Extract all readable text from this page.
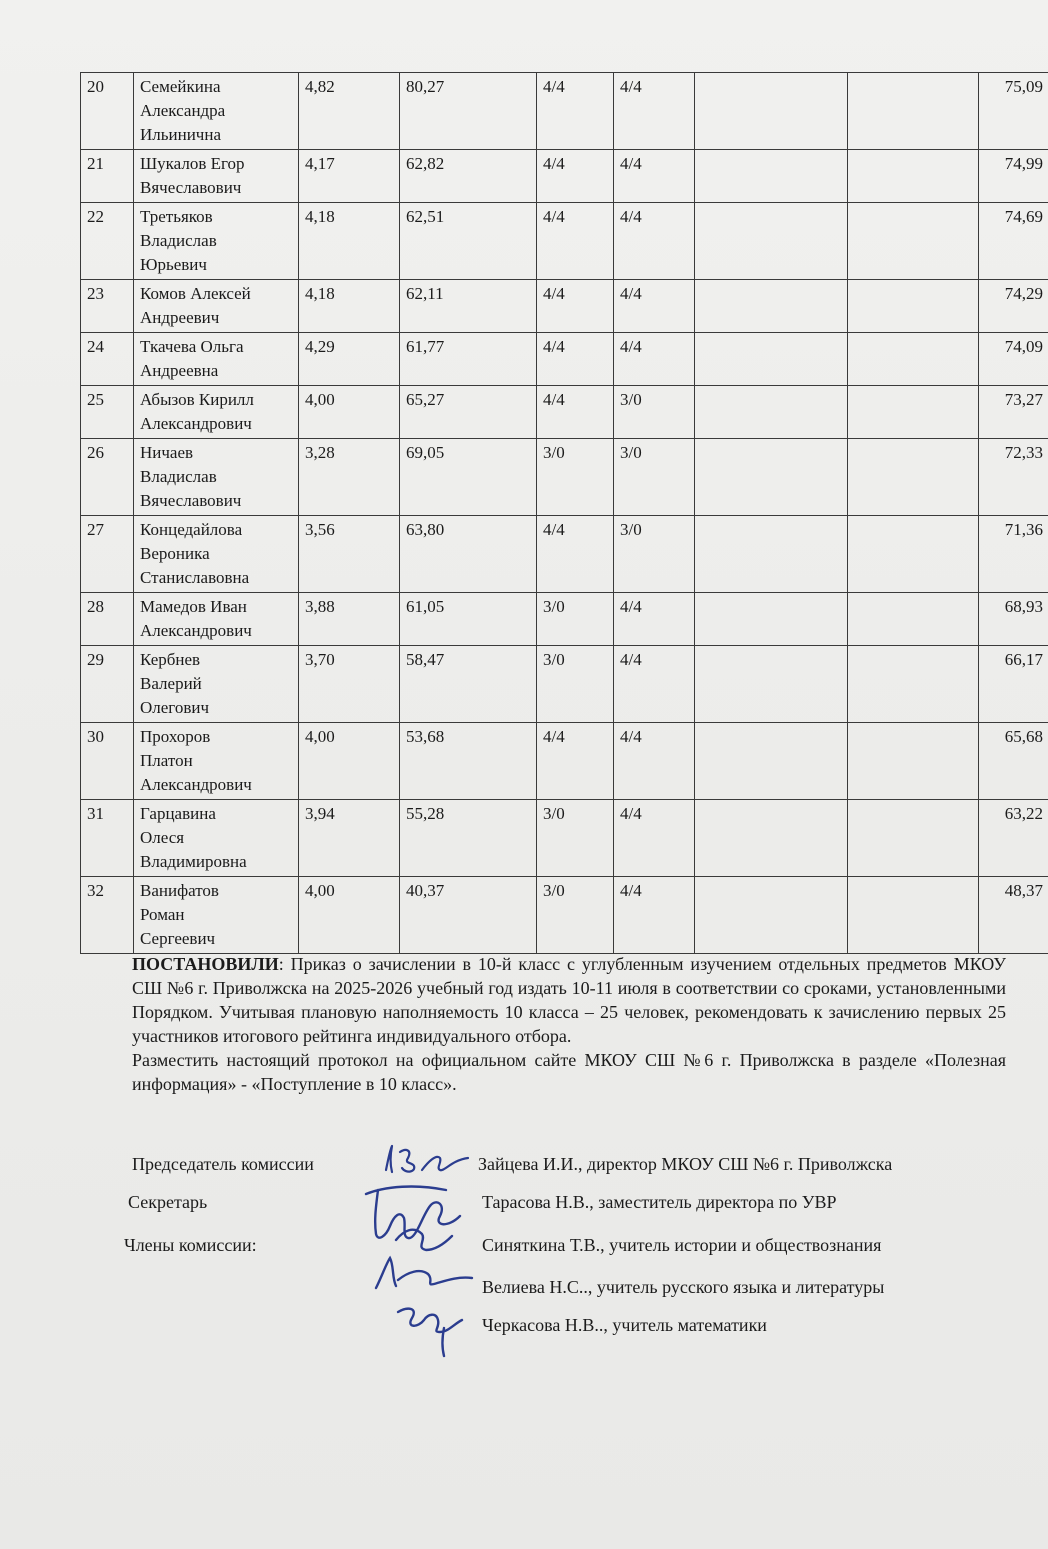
20	Семейкина
Александра
Ильинична	4,82	80,27	4/4	4/4			75,09
21	Шукалов Егор
Вячеславович	4,17	62,82	4/4	4/4			74,99
22	Третьяков
Владислав
Юрьевич	4,18	62,51	4/4	4/4			74,69
23	Комов Алексей
Андреевич	4,18	62,11	4/4	4/4			74,29
24	Ткачева Ольга
Андреевна	4,29	61,77	4/4	4/4			74,09
25	Абызов Кирилл
Александрович	4,00	65,27	4/4	3/0			73,27
26	Ничаев
Владислав
Вячеславович	3,28	69,05	3/0	3/0			72,33
27	Концедайлова
Вероника
Станиславовна	3,56	63,80	4/4	3/0			71,36
28	Мамедов Иван
Александрович	3,88	61,05	3/0	4/4			68,93
29	Кербнев
Валерий
Олегович	3,70	58,47	3/0	4/4			66,17
30	Прохоров
Платон
Александрович	4,00	53,68	4/4	4/4			65,68
31	Гарцавина
Олеся
Владимировна	3,94	55,28	3/0	4/4			63,22
32	Ванифатов
Роман
Сергеевич	4,00	40,37	3/0	4/4			48,37

ПОСТАНОВИЛИ: Приказ о зачислении в 10-й класс с углубленным изучением отдельных предметов МКОУ СШ №6 г. Приволжска на 2025-2026 учебный год издать 10-11 июля в соответствии со сроками, установленными Порядком. Учитывая плановую наполняемость 10 класса – 25 человек, рекомендовать к зачислению первых 25 участников итогового рейтинга индивидуального отбора.

Разместить настоящий протокол на официальном сайте МКОУ СШ №6 г. Приволжска в разделе «Полезная информация» - «Поступление в 10 класс».

Председатель комиссии	Зайцева И.И., директор МКОУ СШ №6 г. Приволжска
Секретарь	Тарасова Н.В., заместитель директора по УВР
Члены комиссии:	Синяткина Т.В., учитель истории и обществознания
Велиева Н.С.., учитель русского языка и литературы
Черкасова Н.В.., учитель математики
